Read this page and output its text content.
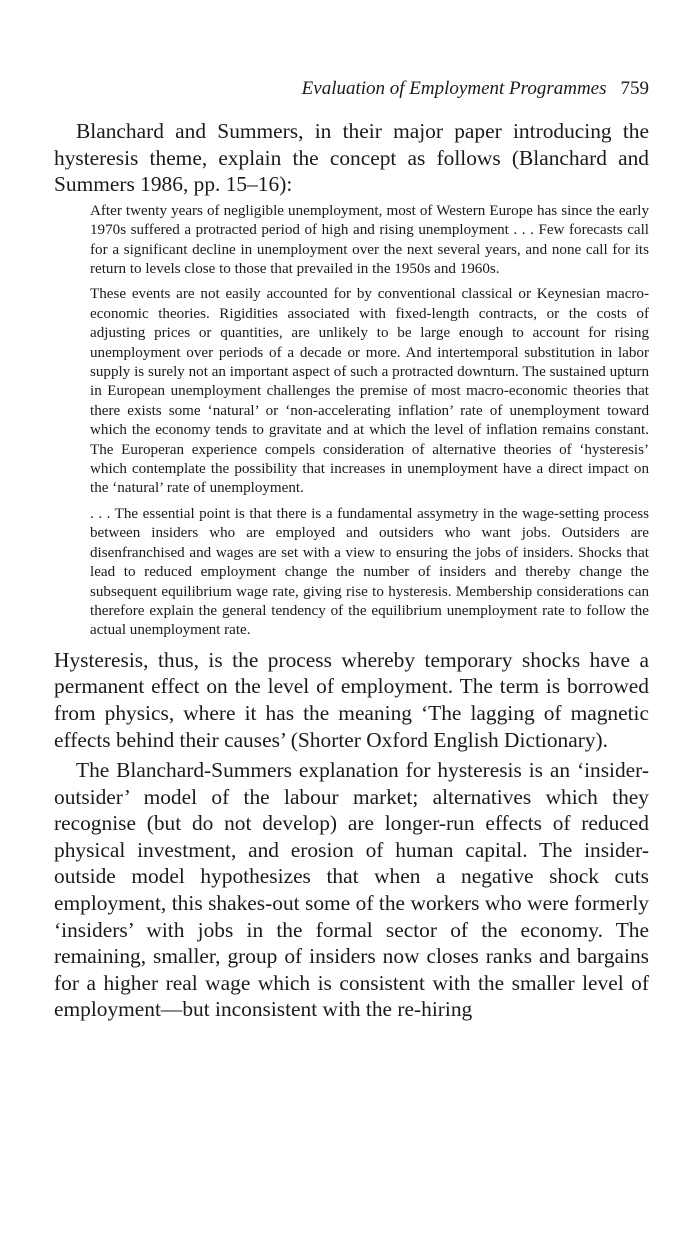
Evaluation of Employment Programmes 759

Blanchard and Summers, in their major paper introducing the hysteresis theme, explain the concept as follows (Blanchard and Summers 1986, pp. 15–16):

After twenty years of negligible unemployment, most of Western Europe has since the early 1970s suffered a protracted period of high and rising unemployment . . . Few forecasts call for a significant decline in unemployment over the next several years, and none call for its return to levels close to those that prevailed in the 1950s and 1960s.

These events are not easily accounted for by conventional classical or Keynesian macro-economic theories. Rigidities associated with fixed-length contracts, or the costs of adjusting prices or quantities, are unlikely to be large enough to account for rising unemployment over periods of a decade or more. And intertemporal substitution in labor supply is surely not an important aspect of such a protracted downturn. The sustained upturn in European unemployment challenges the premise of most macro-economic theories that there exists some ‘natural’ or ‘non-accelerating inflation’ rate of unemployment toward which the economy tends to gravitate and at which the level of inflation remains constant. The Europeran experience compels consideration of alternative theories of ‘hysteresis’ which contemplate the possibility that increases in unemployment have a direct impact on the ‘natural’ rate of unemployment.

. . . The essential point is that there is a fundamental assymetry in the wage-setting process between insiders who are employed and outsiders who want jobs. Outsiders are disenfranchised and wages are set with a view to ensuring the jobs of insiders. Shocks that lead to reduced employment change the number of insiders and thereby change the subsequent equilibrium wage rate, giving rise to hysteresis. Membership considerations can therefore explain the general tendency of the equilibrium unemployment rate to follow the actual unemployment rate.

Hysteresis, thus, is the process whereby temporary shocks have a permanent effect on the level of employment. The term is borrowed from physics, where it has the meaning ‘The lagging of magnetic effects behind their causes’ (Shorter Oxford English Dictionary).

The Blanchard-Summers explanation for hysteresis is an ‘insider-outsider’ model of the labour market; alternatives which they recognise (but do not develop) are longer-run effects of reduced physical investment, and erosion of human capital. The insider-outside model hypothesizes that when a negative shock cuts employment, this shakes-out some of the workers who were formerly ‘insiders’ with jobs in the formal sector of the economy. The remaining, smaller, group of insiders now closes ranks and bargains for a higher real wage which is consistent with the smaller level of employment—but inconsistent with the re-hiring
